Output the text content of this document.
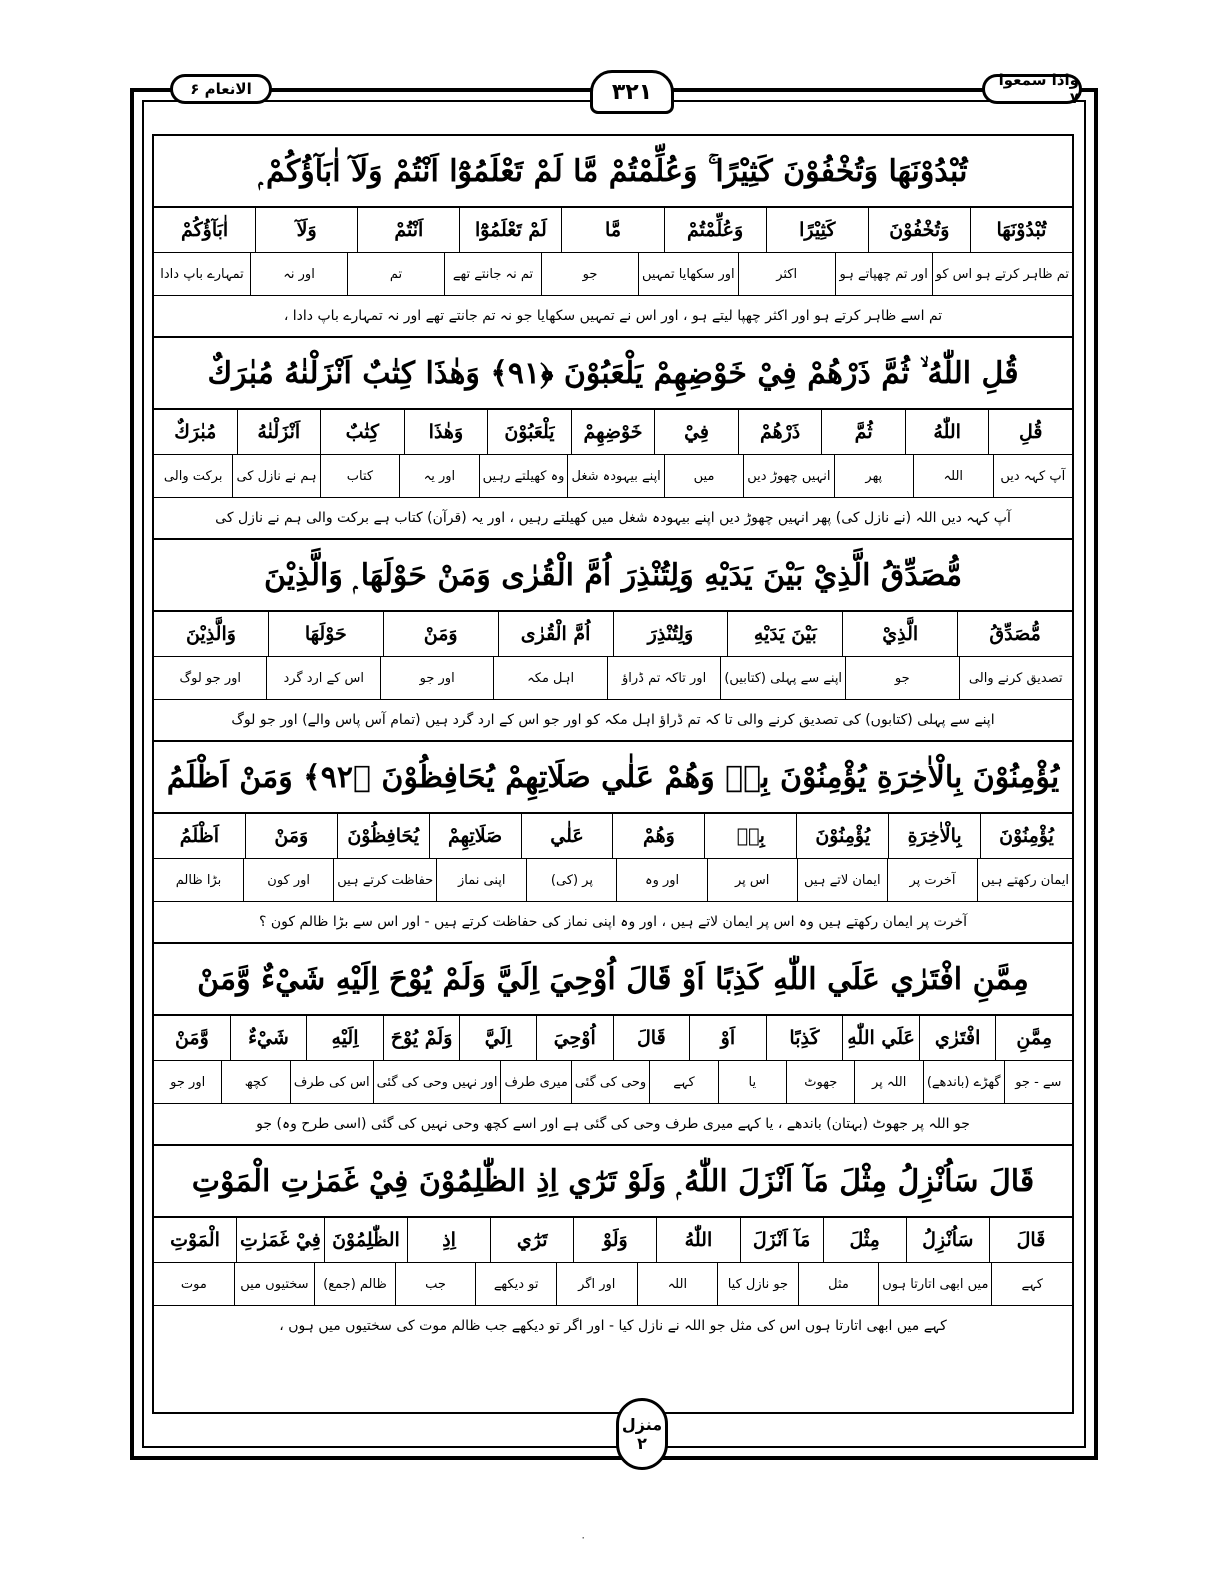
الانعام ۶	واذا سمعوا ۷
۳۲۱
تُبْدُوْنَهَا وَتُخْفُوْنَ كَثِيْرًا ۚ وَعُلِّمْتُمْ مَّا لَمْ تَعْلَمُوْٓا اَنْتُمْ وَلَآ اٰبَآؤُكُمْ ۭ
تُبْدُوْنَهَا
وَتُخْفُوْنَ
كَثِيْرًا
وَعُلِّمْتُمْ
مَّا
لَمْ تَعْلَمُوْٓا
اَنْتُمْ
وَلَآ
اٰبَآؤُكُمْ
تم ظاہر کرتے ہو اس کو
اور تم چھپاتے ہو
اکثر
اور سکھایا تمہیں
جو
تم نہ جانتے تھے
تم
اور نہ
تمہارے باپ دادا
تم اسے ظاہر کرتے ہو اور اکثر چھپا لیتے ہو ، اور اس نے تمہیں سکھایا جو نہ تم جانتے تھے اور نہ تمہارے باپ دادا ،
قُلِ اللّٰهُ ۙ ثُمَّ ذَرْهُمْ فِيْ خَوْضِهِمْ يَلْعَبُوْنَ ﴿۹۱﴾ وَهٰذَا كِتٰبٌ اَنْزَلْنٰهُ مُبٰرَكٌ
قُلِ
اللّٰهُ
ثُمَّ
ذَرْهُمْ
فِيْ
خَوْضِهِمْ
يَلْعَبُوْنَ
وَهٰذَا
كِتٰبٌ
اَنْزَلْنٰهُ
مُبٰرَكٌ
آپ کہہ دیں
اللہ
پھر
انہیں چھوڑ دیں
میں
اپنے بیہودہ شغل
وہ کھیلتے رہیں
اور یہ
کتاب
ہم نے نازل کی
برکت والی
آپ کہہ دیں اللہ (نے نازل کی) پھر انہیں چھوڑ دیں اپنے بیہودہ شغل میں کھیلتے رہیں ، اور یہ (قرآن) کتاب ہے برکت والی ہم نے نازل کی
مُّصَدِّقُ الَّذِيْ بَيْنَ يَدَيْهِ وَلِتُنْذِرَ اُمَّ الْقُرٰى وَمَنْ حَوْلَهَا ۭ وَالَّذِيْنَ
مُّصَدِّقُ
الَّذِيْ
بَيْنَ يَدَيْهِ
وَلِتُنْذِرَ
اُمَّ الْقُرٰى
وَمَنْ
حَوْلَهَا
وَالَّذِيْنَ
تصدیق کرنے والی
جو
اپنے سے پہلی (کتابیں)
اور تاکہ تم ڈراؤ
اہل مکہ
اور جو
اس کے ارد گرد
اور جو لوگ
اپنے سے پہلی (کتابوں) کی تصدیق کرنے والی تا کہ تم ڈراؤ اہل مکہ کو اور جو اس کے ارد گرد ہیں (تمام آس پاس والے) اور جو لوگ
يُؤْمِنُوْنَ بِالْاٰخِرَةِ يُؤْمِنُوْنَ بِهٖ وَهُمْ عَلٰي صَلَاتِهِمْ يُحَافِظُوْنَ ﴿۹۲﴾ وَمَنْ اَظْلَمُ
يُؤْمِنُوْنَ
بِالْاٰخِرَةِ
يُؤْمِنُوْنَ
بِهٖ
وَهُمْ
عَلٰي
صَلَاتِهِمْ
يُحَافِظُوْنَ
وَمَنْ
اَظْلَمُ
ایمان رکھتے ہیں
آخرت پر
ایمان لاتے ہیں
اس پر
اور وہ
پر (کی)
اپنی نماز
حفاظت کرتے ہیں
اور کون
بڑا ظالم
آخرت پر ایمان رکھتے ہیں وہ اس پر ایمان لاتے ہیں ، اور وہ اپنی نماز کی حفاظت کرتے ہیں - اور اس سے بڑا ظالم کون ؟
مِمَّنِ افْتَرٰي عَلَي اللّٰهِ كَذِبًا اَوْ قَالَ اُوْحِيَ اِلَيَّ وَلَمْ يُوْحَ اِلَيْهِ شَيْءٌ وَّمَنْ
مِمَّنِ
افْتَرٰي
عَلَي اللّٰهِ
كَذِبًا
اَوْ
قَالَ
اُوْحِيَ
اِلَيَّ
وَلَمْ يُوْحَ
اِلَيْهِ
شَيْءٌ
وَّمَنْ
سے - جو
گھڑے (باندھے)
اللہ پر
جھوٹ
یا
کہے
وحی کی گئی
میری طرف
اور نہیں وحی کی گئی
اس کی طرف
کچھ
اور جو
جو اللہ پر جھوٹ (بہتان) باندھے ، یا کہے میری طرف وحی کی گئی ہے اور اسے کچھ وحی نہیں کی گئی (اسی طرح وہ) جو
قَالَ سَاُنْزِلُ مِثْلَ مَآ اَنْزَلَ اللّٰهُ ۭ وَلَوْ تَرٰٓي اِذِ الظّٰلِمُوْنَ فِيْ غَمَرٰتِ الْمَوْتِ
قَالَ
سَاُنْزِلُ
مِثْلَ
مَآ اَنْزَلَ
اللّٰهُ
وَلَوْ
تَرٰٓي
اِذِ
الظّٰلِمُوْنَ
فِيْ غَمَرٰتِ
الْمَوْتِ
کہے
میں ابھی اتارتا ہوں
مثل
جو نازل کیا
اللہ
اور اگر
تو دیکھے
جب
ظالم (جمع)
سختیوں میں
موت
کہے میں ابھی اتارتا ہوں اس کی مثل جو اللہ نے نازل کیا - اور اگر تو دیکھے جب ظالم موت کی سختیوں میں ہوں ،
منزل
۲
٠
